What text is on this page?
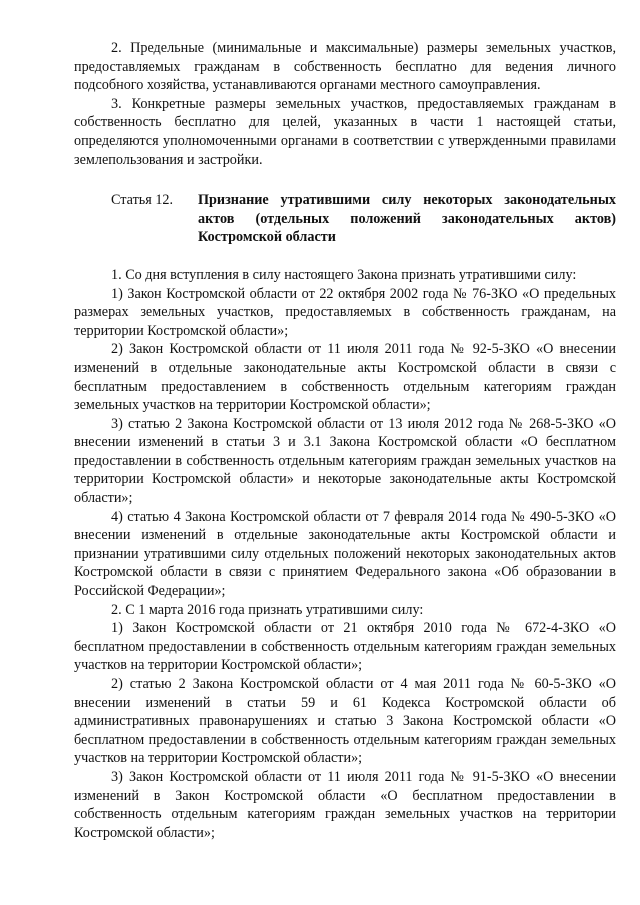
2. Предельные (минимальные и максимальные) размеры земельных участков, предоставляемых гражданам в собственность бесплатно для ведения личного подсобного хозяйства, устанавливаются органами местного самоуправления.

3. Конкретные размеры земельных участков, предоставляемых гражданам в собственность бесплатно для целей, указанных в части 1 настоящей статьи, определяются уполномоченными органами в соответствии с утвержденными правилами землепользования и застройки.

Статья 12.	Признание утратившими силу некоторых законодательных актов (отдельных положений законодательных актов) Костромской области

1. Со дня вступления в силу настоящего Закона признать утратившими силу:

1) Закон Костромской области от 22 октября 2002 года № 76-ЗКО «О предельных размерах земельных участков, предоставляемых в собственность гражданам, на территории Костромской области»;

2) Закон Костромской области от 11 июля 2011 года № 92-5-ЗКО «О внесении изменений в отдельные законодательные акты Костромской области в связи с бесплатным предоставлением в собственность отдельным категориям граждан земельных участков на территории Костромской области»;

3) статью 2 Закона Костромской области от 13 июля 2012 года № 268-5-ЗКО «О внесении изменений в статьи 3 и 3.1 Закона Костромской области «О бесплатном предоставлении в собственность отдельным категориям граждан земельных участков на территории Костромской области» и некоторые законодательные акты Костромской области»;

4) статью 4 Закона Костромской области от 7 февраля 2014 года № 490-5-ЗКО «О внесении изменений в отдельные законодательные акты Костромской области и признании утратившими силу отдельных положений некоторых законодательных актов Костромской области в связи с принятием Федерального закона «Об образовании в Российской Федерации»;

2. С 1 марта 2016 года признать утратившими силу:

1) Закон Костромской области от 21 октября 2010 года № 672-4-ЗКО «О бесплатном предоставлении в собственность отдельным категориям граждан земельных участков на территории Костромской области»;

2) статью 2 Закона Костромской области от 4 мая 2011 года № 60-5-ЗКО «О внесении изменений в статьи 59 и 61 Кодекса Костромской области об административных правонарушениях и статью 3 Закона Костромской области «О бесплатном предоставлении в собственность отдельным категориям граждан земельных участков на территории Костромской области»;

3) Закон Костромской области от 11 июля 2011 года № 91-5-ЗКО «О внесении изменений в Закон Костромской области «О бесплатном предоставлении в собственность отдельным категориям граждан земельных участков на территории Костромской области»;
